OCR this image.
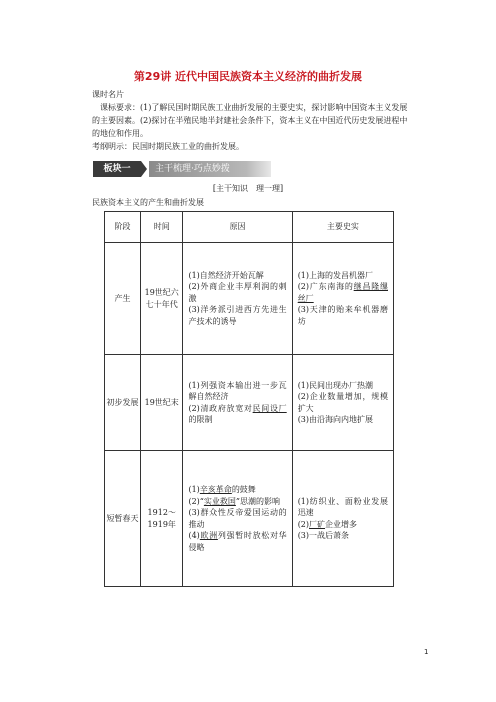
第29讲 近代中国民族资本主义经济的曲折发展
课时名片
课标要求：(1)了解民国时期民族工业曲折发展的主要史实，探讨影响中国资本主义发展的主要因素。(2)探讨在半殖民地半封建社会条件下，资本主义在中国近代历史发展进程中的地位和作用。
考纲明示：民国时期民族工业的曲折发展。
板块一	主干梳理·巧点妙拨
[主干知识　理一理]
民族资本主义的产生和曲折发展
阶段	时间	原因	主要史实
产生	19世纪六七十年代	(1)自然经济开始瓦解
(2)外商企业丰厚利润的刺激
(3)洋务派引进西方先进生产技术的诱导	(1)上海的发昌机器厂
(2)广东南海的继昌隆缫丝厂
(3)天津的贻来牟机器磨坊

初步发展	19世纪末	(1)列强资本输出进一步瓦解自然经济
(2)清政府放宽对民间设厂的限制	(1)民间出现办厂热潮
(2)企业数量增加，规模扩大
(3)由沿海向内地扩展

短暂春天	1912～1919年	(1)辛亥革命的鼓舞
(2)“实业救国”思潮的影响
(3)群众性反帝爱国运动的推动
(4)欧洲列强暂时放松对华侵略	(1)纺织业、面粉业发展迅速
(2)厂矿企业增多
(3)一战后萧条
1
